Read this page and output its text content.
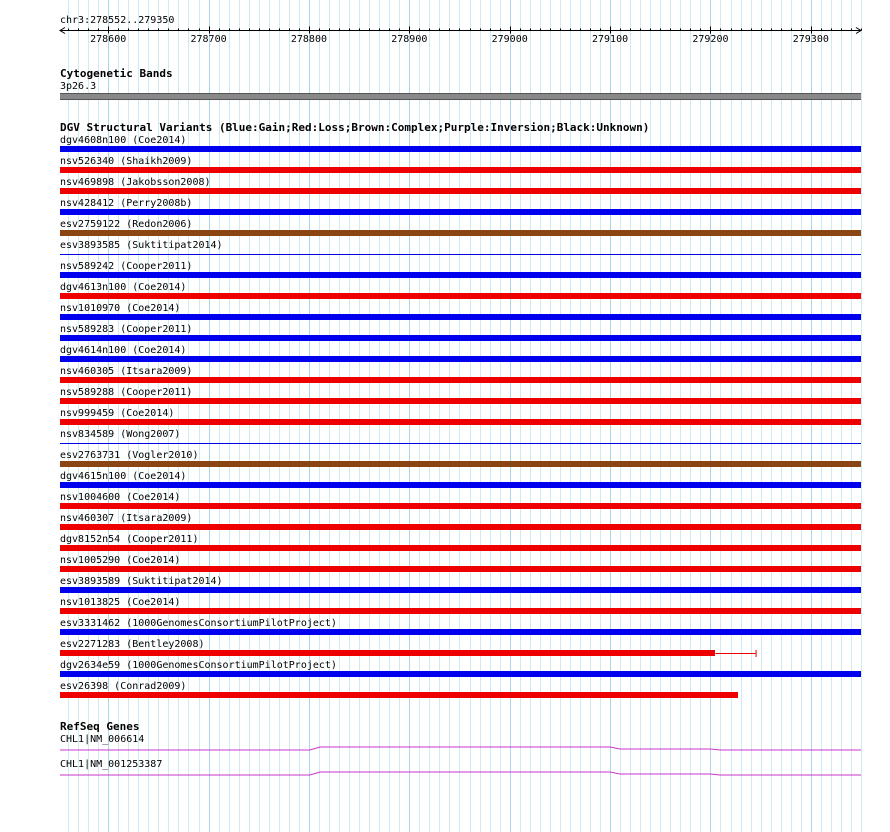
chr3:278552..279350
278600	278700	278800	278900	279000	279100	279200	279300
Cytogenetic Bands
3p26.3
DGV Structural Variants (Blue:Gain;Red:Loss;Brown:Complex;Purple:Inversion;Black:Unknown)
dgv4608n100 (Coe2014)
nsv526340 (Shaikh2009)
nsv469898 (Jakobsson2008)
nsv428412 (Perry2008b)
esv2759122 (Redon2006)
esv3893585 (Suktitipat2014)
nsv589242 (Cooper2011)
dgv4613n100 (Coe2014)
nsv1010970 (Coe2014)
nsv589283 (Cooper2011)
dgv4614n100 (Coe2014)
nsv460305 (Itsara2009)
nsv589288 (Cooper2011)
nsv999459 (Coe2014)
nsv834589 (Wong2007)
esv2763731 (Vogler2010)
dgv4615n100 (Coe2014)
nsv1004600 (Coe2014)
nsv460307 (Itsara2009)
dgv8152n54 (Cooper2011)
nsv1005290 (Coe2014)
esv3893589 (Suktitipat2014)
nsv1013825 (Coe2014)
esv3331462 (1000GenomesConsortiumPilotProject)
esv2271283 (Bentley2008)
dgv2634e59 (1000GenomesConsortiumPilotProject)
esv26398 (Conrad2009)
RefSeq Genes
CHL1|NM_006614
CHL1|NM_001253387
